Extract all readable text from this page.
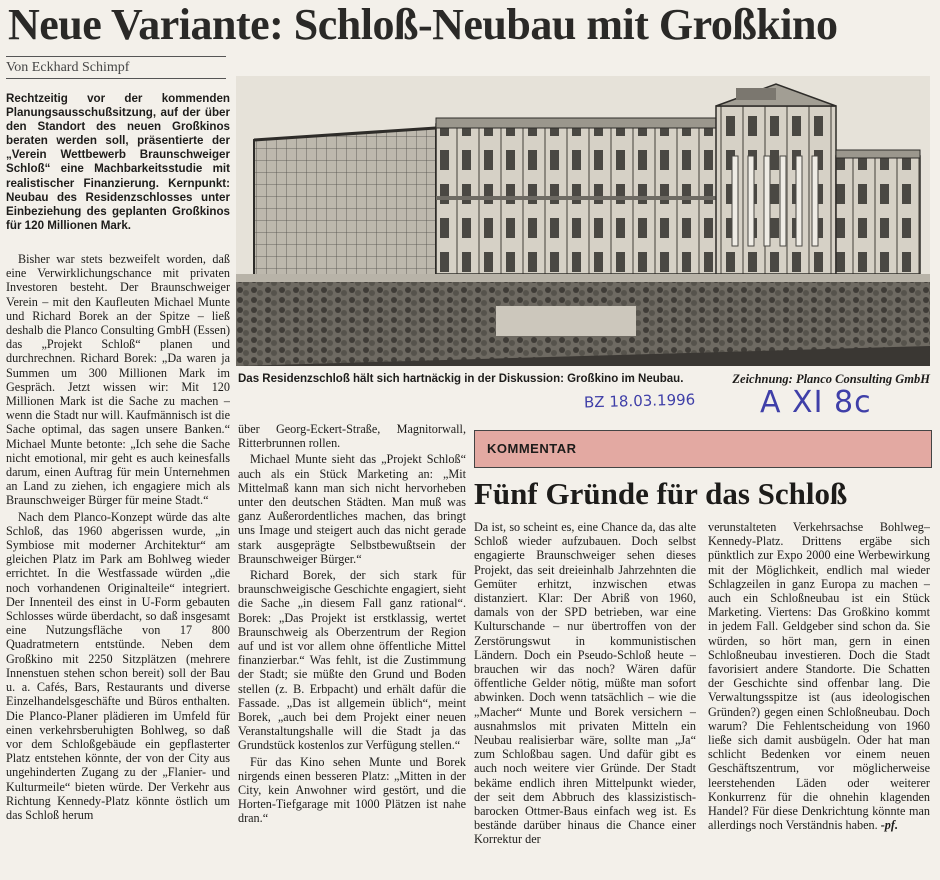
Neue Variante: Schloß-Neubau mit Großkino
Von Eckhard Schimpf

Rechtzeitig vor der kommenden Planungsausschußsitzung, auf der über den Standort des neuen Großkinos beraten werden soll, präsentierte der „Verein Wettbewerb Braunschweiger Schloß“ eine Machbarkeitsstudie mit realistischer Finanzierung. Kernpunkt: Neubau des Residenzschlosses unter Einbeziehung des geplanten Großkinos für 120 Millionen Mark.

Bisher war stets bezweifelt worden, daß eine Verwirklichungschance mit privaten Investoren besteht. Der Braunschweiger Verein – mit den Kaufleuten Michael Munte und Richard Borek an der Spitze – ließ deshalb die Planco Consulting GmbH (Essen) das „Projekt Schloß“ planen und durchrechnen. Richard Borek: „Da waren ja Summen um 300 Millionen Mark im Gespräch. Jetzt wissen wir: Mit 120 Millionen Mark ist die Sache zu machen – wenn die Stadt nur will. Kaufmännisch ist die Sache optimal, das sagen unsere Banken.“ Michael Munte betonte: „Ich sehe die Sache nicht emotional, mir geht es auch keinesfalls darum, einen Auftrag für mein Unternehmen an Land zu ziehen, ich engagiere mich als Braunschweiger Bürger für meine Stadt.“

Nach dem Planco-Konzept würde das alte Schloß, das 1960 abgerissen wurde, „in Symbiose mit moderner Architektur“ am gleichen Platz im Park am Bohlweg wieder errichtet. In die Westfassade würden „die noch vorhandenen Originalteile“ integriert. Der Innenteil des einst in U-Form gebauten Schlosses würde überdacht, so daß insgesamt eine Nutzungsfläche von 17 800 Quadratmetern entstünde. Neben dem Großkino mit 2250 Sitzplätzen (mehrere Innenstuen stehen schon bereit) soll der Bau u. a. Cafés, Bars, Restaurants und diverse Einzelhandelsgeschäfte und Büros enthalten. Die Planco-Planer plädieren im Umfeld für einen verkehrsberuhigten Bohlweg, so daß vor dem Schloßgebäude ein gepflasterter Platz entstehen könnte, der von der City aus ungehinderten Zugang zu der „Flanier- und Kulturmeile“ bieten würde. Der Verkehr aus Richtung Kennedy-Platz könnte östlich um das Schloß herum

Das Residenzschloß hält sich hartnäckig in der Diskussion: Großkino im Neubau.	Zeichnung: Planco Consulting GmbH
BZ 18.03.1996 A XI 8c

über Georg-Eckert-Straße, Magnitorwall, Ritterbrunnen rollen.

Michael Munte sieht das „Projekt Schloß“ auch als ein Stück Marketing an: „Mit Mittelmaß kann man sich nicht hervorheben unter den deutschen Städten. Man muß was ganz Außerordentliches machen, das bringt uns Image und steigert auch das nicht gerade stark ausgeprägte Selbstbewußtsein der Braunschweiger Bürger.“

Richard Borek, der sich stark für braunschweigische Geschichte engagiert, sieht die Sache „in diesem Fall ganz rational“. Borek: „Das Projekt ist erstklassig, wertet Braunschweig als Oberzentrum der Region auf und ist vor allem ohne öffentliche Mittel finanzierbar.“ Was fehlt, ist die Zustimmung der Stadt; sie müßte den Grund und Boden stellen (z. B. Erbpacht) und erhält dafür die Fassade. „Das ist allgemein üblich“, meint Borek, „auch bei dem Projekt einer neuen Veranstaltungshalle will die Stadt ja das Grundstück kostenlos zur Verfügung stellen.“

Für das Kino sehen Munte und Borek nirgends einen besseren Platz: „Mitten in der City, kein Anwohner wird gestört, und die Horten-Tiefgarage mit 1000 Plätzen ist nahe dran.“

KOMMENTAR
Fünf Gründe für das Schloß

Da ist, so scheint es, eine Chance da, das alte Schloß wieder aufzubauen. Doch selbst engagierte Braunschweiger sehen dieses Projekt, das seit dreieinhalb Jahrzehnten die Gemüter erhitzt, inzwischen etwas distanziert. Klar: Der Abriß von 1960, damals von der SPD betrieben, war eine Kulturschande – nur übertroffen von der Zerstörungswut in kommunistischen Ländern. Doch ein Pseudo-Schloß heute – brauchen wir das noch? Wären dafür öffentliche Gelder nötig, müßte man sofort abwinken. Doch wenn tatsächlich – wie die „Macher“ Munte und Borek versichern – ausnahmslos mit privaten Mitteln ein Neubau realisierbar wäre, sollte man „Ja“ zum Schloßbau sagen. Und dafür gibt es auch noch weitere vier Gründe. Der Stadt bekäme endlich ihren Mittelpunkt wieder, der seit dem Abbruch des klassizistisch-barocken Ottmer-Baus einfach weg ist. Es bestände darüber hinaus die Chance einer Korrektur der

verunstalteten Verkehrsachse Bohlweg–Kennedy-Platz. Drittens ergäbe sich pünktlich zur Expo 2000 eine Werbewirkung mit der Möglichkeit, endlich mal wieder Schlagzeilen in ganz Europa zu machen – auch ein Schloßneubau ist ein Stück Marketing. Viertens: Das Großkino kommt in jedem Fall. Geldgeber sind schon da. Sie würden, so hört man, gern in einen Schloßneubau investieren. Doch die Stadt favorisiert andere Standorte. Die Schatten der Geschichte sind offenbar lang. Die Verwaltungsspitze ist (aus ideologischen Gründen?) gegen einen Schloßneubau. Doch warum? Die Fehlentscheidung von 1960 ließe sich damit ausbügeln. Oder hat man schlicht Bedenken vor einem neuen Geschäftszentrum, vor möglicherweise leerstehenden Läden oder weiterer Konkurrenz für die ohnehin klagenden Handel? Für diese Denkrichtung könnte man allerdings noch Verständnis haben. -pf.
